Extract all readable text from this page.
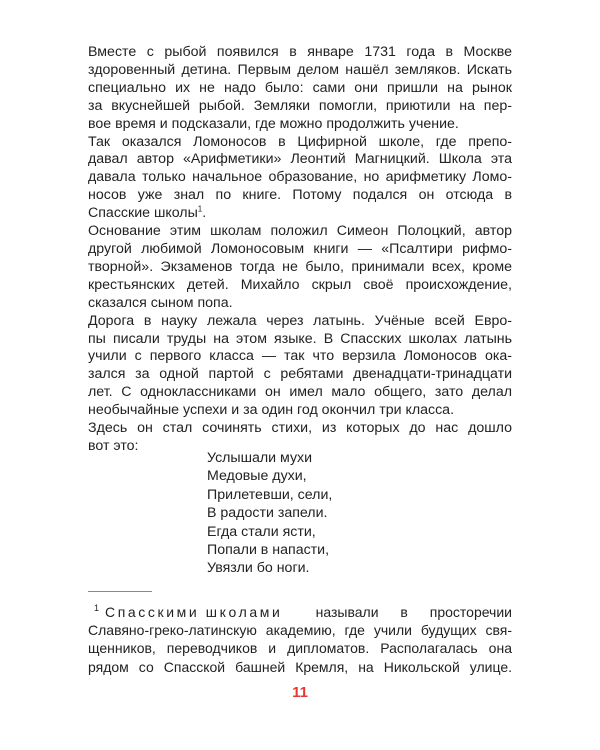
Вместе с рыбой появился в январе 1731 года в Москве
здоровенный детина. Первым делом нашёл земляков. Искать
специально их не надо было: сами они пришли на рынок
за вкуснейшей рыбой. Земляки помогли, приютили на пер-
вое время и подсказали, где можно продолжить учение.

Так оказался Ломоносов в Цифирной школе, где препо-
давал автор «Арифметики» Леонтий Магницкий. Школа эта
давала только начальное образование, но арифметику Ломо-
носов уже знал по книге. Потому подался он отсюда в
Спасские школы$^1$.

Основание этим школам положил Симеон Полоцкий, автор
другой любимой Ломоносовым книги — «Псалтири рифмо-
творной». Экзаменов тогда не было, принимали всех, кроме
крестьянских детей. Михайло скрыл своё происхождение,
сказался сыном попа.

Дорога в науку лежала через латынь. Учёные всей Евро-
пы писали труды на этом языке. В Спасских школах латынь
учили с первого класса — так что верзила Ломоносов ока-
зался за одной партой с ребятами двенадцати-тринадцати
лет. С одноклассниками он имел мало общего, зато делал
необычайные успехи и за один год окончил три класса.

Здесь он стал сочинять стихи, из которых до нас дошло
вот это:

Услышали мухи
Медовые духи,
Прилетевши, сели,
В радости запели.
Егда стали ясти,
Попали в напасти,
Увязли бо ноги.
$^1$ Спасскими школами называли в просторечии
Славяно-греко-латинскую академию, где учили будущих свя-
щенников, переводчиков и дипломатов. Располагалась она
рядом со Спасской башней Кремля, на Никольской улице.
11
